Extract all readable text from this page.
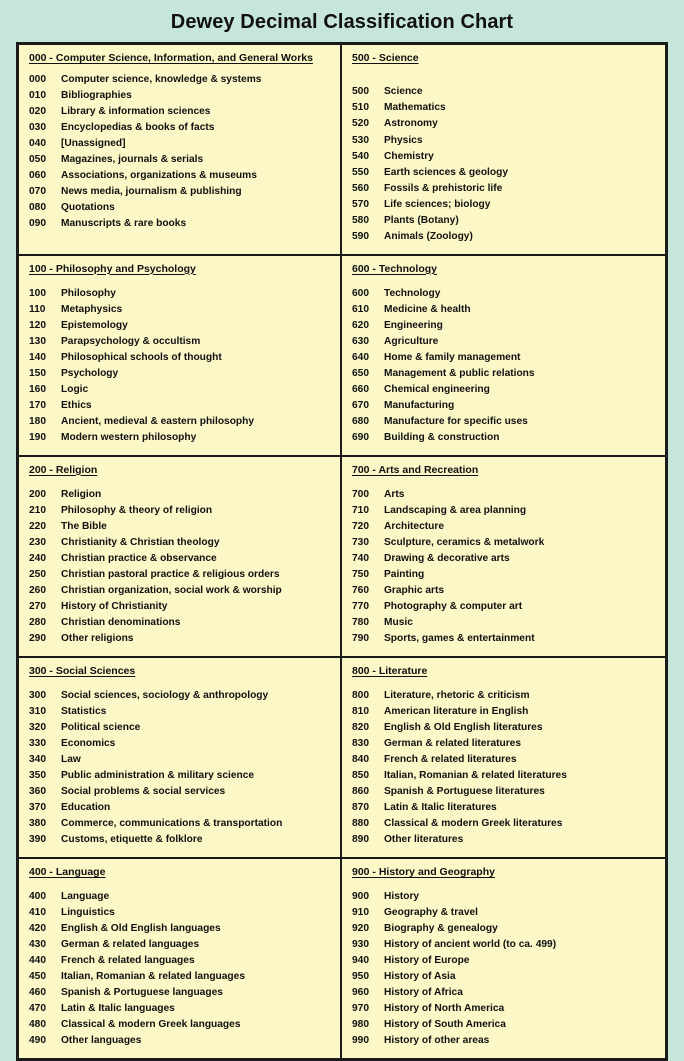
Dewey Decimal Classification Chart
000 - Computer Science, Information, and General Works
000	Computer science, knowledge & systems
010	Bibliographies
020	Library & information sciences
030	Encyclopedias & books of facts
040	[Unassigned]
050	Magazines, journals & serials
060	Associations, organizations & museums
070	News media, journalism & publishing
080	Quotations
090	Manuscripts & rare books
500 - Science
500	Science
510	Mathematics
520	Astronomy
530	Physics
540	Chemistry
550	Earth sciences & geology
560	Fossils & prehistoric life
570	Life sciences; biology
580	Plants (Botany)
590	Animals (Zoology)
100 - Philosophy and Psychology
100	Philosophy
110	Metaphysics
120	Epistemology
130	Parapsychology & occultism
140	Philosophical schools of thought
150	Psychology
160	Logic
170	Ethics
180	Ancient, medieval & eastern philosophy
190	Modern western philosophy
600 - Technology
600	Technology
610	Medicine & health
620	Engineering
630	Agriculture
640	Home & family management
650	Management & public relations
660	Chemical engineering
670	Manufacturing
680	Manufacture for specific uses
690	Building & construction
200 - Religion
200	Religion
210	Philosophy & theory of religion
220	The Bible
230	Christianity & Christian theology
240	Christian practice & observance
250	Christian pastoral practice & religious orders
260	Christian organization, social work & worship
270	History of Christianity
280	Christian denominations
290	Other religions
700 - Arts and Recreation
700	Arts
710	Landscaping & area planning
720	Architecture
730	Sculpture, ceramics & metalwork
740	Drawing & decorative arts
750	Painting
760	Graphic arts
770	Photography & computer art
780	Music
790	Sports, games & entertainment
300 - Social Sciences
300	Social sciences, sociology & anthropology
310	Statistics
320	Political science
330	Economics
340	Law
350	Public administration & military science
360	Social problems & social services
370	Education
380	Commerce, communications & transportation
390	Customs, etiquette & folklore
800 - Literature
800	Literature, rhetoric & criticism
810	American literature in English
820	English & Old English literatures
830	German & related literatures
840	French & related literatures
850	Italian, Romanian & related literatures
860	Spanish & Portuguese literatures
870	Latin & Italic literatures
880	Classical & modern Greek literatures
890	Other literatures
400 - Language
400	Language
410	Linguistics
420	English & Old English languages
430	German & related languages
440	French & related languages
450	Italian, Romanian & related languages
460	Spanish & Portuguese languages
470	Latin & Italic languages
480	Classical & modern Greek languages
490	Other languages
900 - History and Geography
900	History
910	Geography & travel
920	Biography & genealogy
930	History of ancient world (to ca. 499)
940	History of Europe
950	History of Asia
960	History of Africa
970	History of North America
980	History of South America
990	History of other areas
